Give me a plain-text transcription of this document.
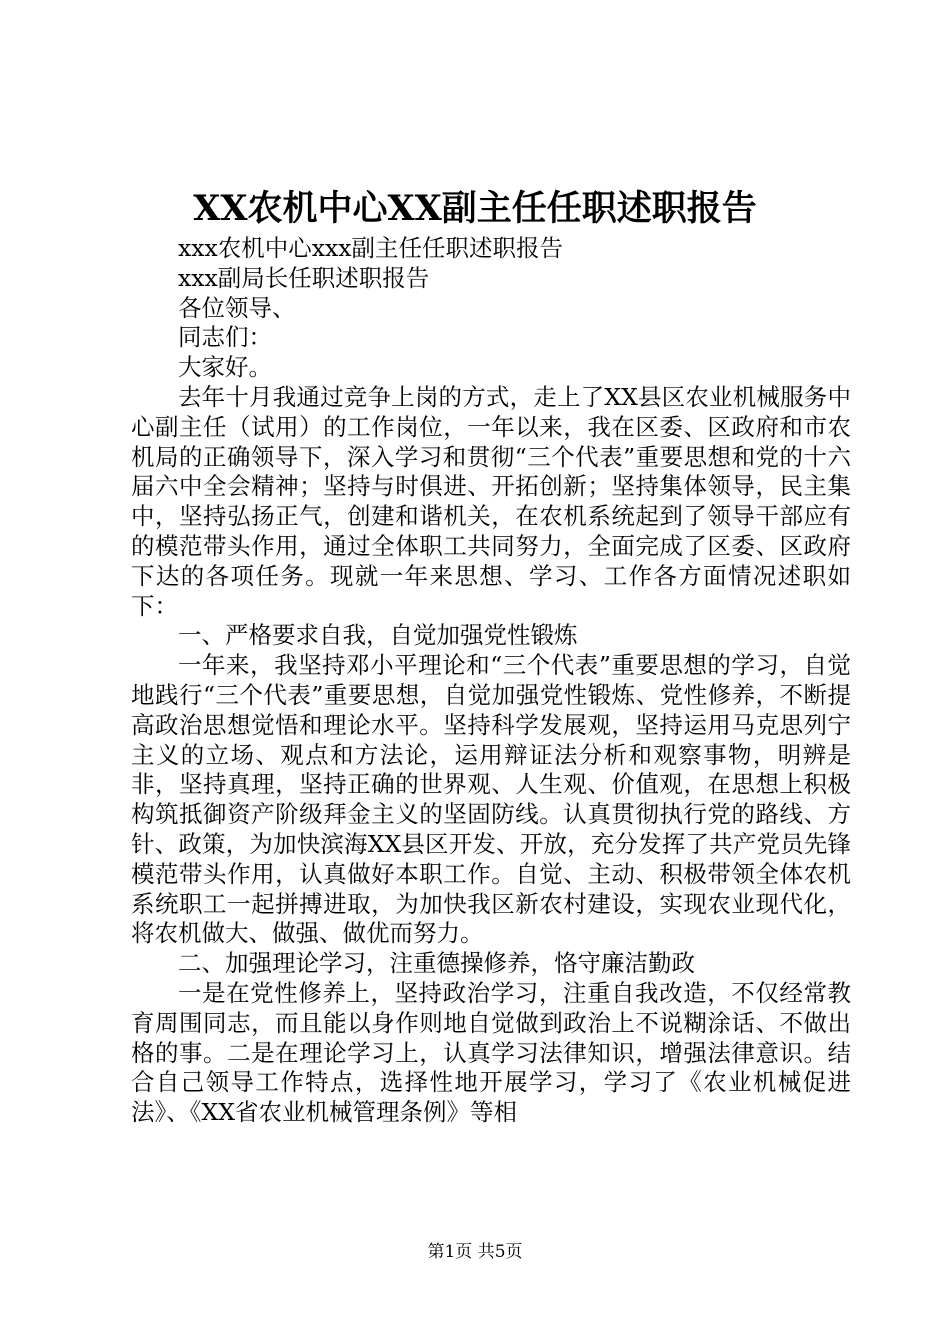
XX农机中心XX副主任任职述职报告

xxx农机中心xxx副主任任职述职报告

xxx副局长任职述职报告

各位领导、

同志们：

大家好。

去年十月我通过竞争上岗的方式，走上了XX县区农业机械服务中心副主任（试用）的工作岗位，一年以来，我在区委、区政府和市农机局的正确领导下，深入学习和贯彻“三个代表”重要思想和党的十六届六中全会精神；坚持与时俱进、开拓创新；坚持集体领导，民主集中，坚持弘扬正气，创建和谐机关，在农机系统起到了领导干部应有的模范带头作用，通过全体职工共同努力，全面完成了区委、区政府下达的各项任务。现就一年来思想、学习、工作各方面情况述职如下：

一、严格要求自我，自觉加强党性锻炼

一年来，我坚持邓小平理论和“三个代表”重要思想的学习，自觉地践行“三个代表”重要思想，自觉加强党性锻炼、党性修养，不断提高政治思想觉悟和理论水平。坚持科学发展观，坚持运用马克思列宁主义的立场、观点和方法论，运用辩证法分析和观察事物，明辨是非，坚持真理，坚持正确的世界观、人生观、价值观，在思想上积极构筑抵御资产阶级拜金主义的坚固防线。认真贯彻执行党的路线、方针、政策，为加快滨海XX县区开发、开放，充分发挥了共产党员先锋模范带头作用，认真做好本职工作。自觉、主动、积极带领全体农机系统职工一起拼搏进取，为加快我区新农村建设，实现农业现代化，将农机做大、做强、做优而努力。

二、加强理论学习，注重德操修养，恪守廉洁勤政

一是在党性修养上，坚持政治学习，注重自我改造，不仅经常教育周围同志，而且能以身作则地自觉做到政治上不说糊涂话、不做出格的事。二是在理论学习上，认真学习法律知识，增强法律意识。结合自己领导工作特点，选择性地开展学习，学习了《农业机械促进法》、《XX省农业机械管理条例》等相

第1页 共5页
